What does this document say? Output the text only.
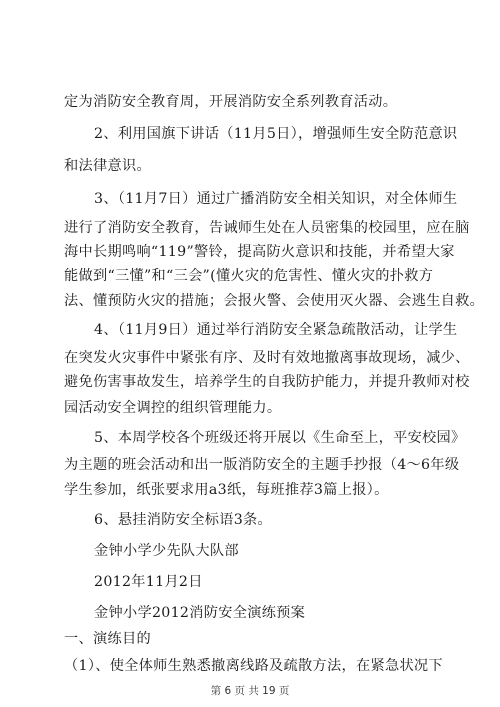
定为消防安全教育周，开展消防安全系列教育活动。
2、利用国旗下讲话（11月5日），增强师生安全防范意识
和法律意识。
3、（11月7日）通过广播消防安全相关知识，对全体师生
进行了消防安全教育，告诫师生处在人员密集的校园里，应在脑
海中长期鸣响“119”警铃，提高防火意识和技能，并希望大家
能做到“三懂”和“三会”(懂火灾的危害性、懂火灾的扑救方
法、懂预防火灾的措施；会报火警、会使用灭火器、会逃生自救。
4、（11月9日）通过举行消防安全紧急疏散活动，让学生
在突发火灾事件中紧张有序、及时有效地撤离事故现场，减少、
避免伤害事故发生，培养学生的自我防护能力，并提升教师对校
园活动安全调控的组织管理能力。
5、本周学校各个班级还将开展以《生命至上，平安校园》
为主题的班会活动和出一版消防安全的主题手抄报（4～6年级
学生参加，纸张要求用a3纸，每班推荐3篇上报）。
6、悬挂消防安全标语3条。
金钟小学少先队大队部
2012年11月2日
金钟小学2012消防安全演练预案
一、演练目的
（1）、使全体师生熟悉撤离线路及疏散方法，在紧急状况下
第 6 页 共 19 页
